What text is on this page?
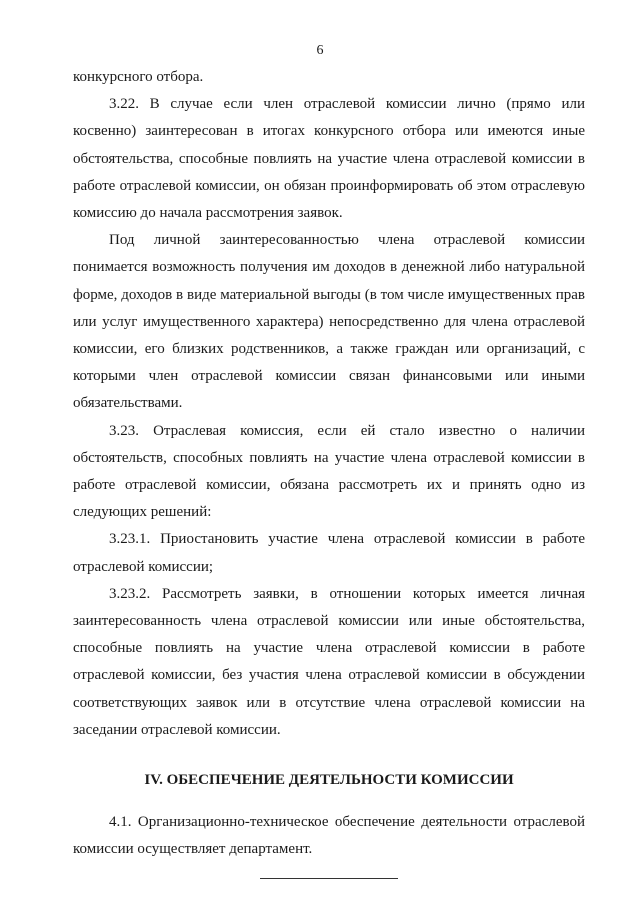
6

конкурсного отбора.

3.22. В случае если член отраслевой комиссии лично (прямо или косвенно) заинтересован в итогах конкурсного отбора или имеются иные обстоятельства, способные повлиять на участие члена отраслевой комиссии в работе отраслевой комиссии, он обязан проинформировать об этом отраслевую комиссию до начала рассмотрения заявок.

Под личной заинтересованностью члена отраслевой комиссии понимается возможность получения им доходов в денежной либо натуральной форме, доходов в виде материальной выгоды (в том числе имущественных прав или услуг имущественного характера) непосредственно для члена отраслевой комиссии, его близких родственников, а также граждан или организаций, с которыми член отраслевой комиссии связан финансовыми или иными обязательствами.

3.23. Отраслевая комиссия, если ей стало известно о наличии обстоятельств, способных повлиять на участие члена отраслевой комиссии в работе отраслевой комиссии, обязана рассмотреть их и принять одно из следующих решений:

3.23.1. Приостановить участие члена отраслевой комиссии в работе отраслевой комиссии;

3.23.2. Рассмотреть заявки, в отношении которых имеется личная заинтересованность члена отраслевой комиссии или иные обстоятельства, способные повлиять на участие члена отраслевой комиссии в работе отраслевой комиссии, без участия члена отраслевой комиссии в обсуждении соответствующих заявок или в отсутствие члена отраслевой комиссии на заседании отраслевой комиссии.

IV. ОБЕСПЕЧЕНИЕ ДЕЯТЕЛЬНОСТИ КОМИССИИ

4.1. Организационно-техническое обеспечение деятельности отраслевой комиссии осуществляет департамент.
